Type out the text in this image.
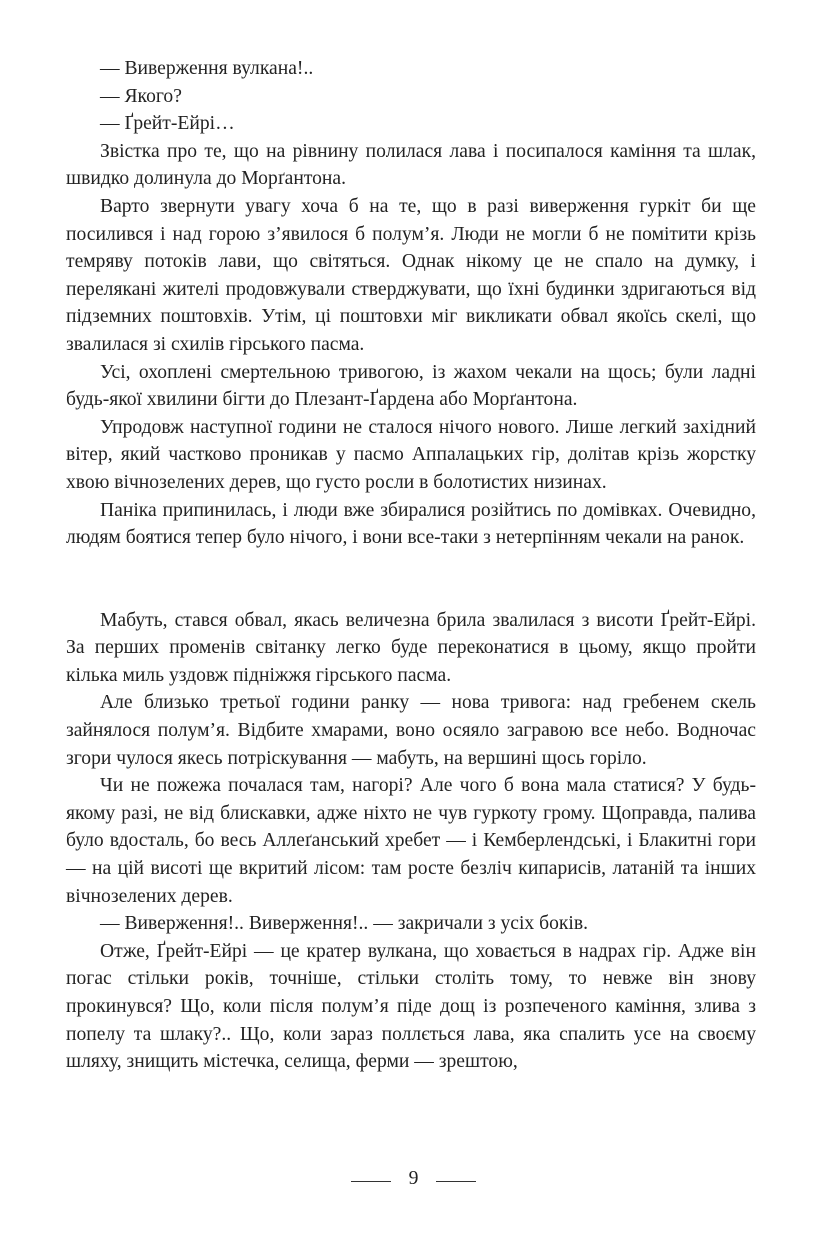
— Виверження вулкана!..

— Якого?

— Ґрейт-Ейрі…

Звістка про те, що на рівнину полилася лава і посипалося каміння та шлак, швидко долинула до Морґантона.

Варто звернути увагу хоча б на те, що в разі виверження гуркіт би ще посилився і над горою з’явилося б полум’я. Люди не могли б не помітити крізь темряву потоків лави, що світяться. Однак нікому це не спало на думку, і перелякані жителі продовжували стверджувати, що їхні будинки здригаються від підземних поштовхів. Утім, ці поштовхи міг викликати обвал якоїсь скелі, що звалилася зі схилів гірського пасма.

Усі, охоплені смертельною тривогою, із жахом чекали на щось; були ладні будь-якої хвилини бігти до Плезант-Ґардена або Морґантона.

Упродовж наступної години не сталося нічого нового. Лише легкий західний вітер, який частково проникав у пасмо Аппалацьких гір, долітав крізь жорстку хвою вічнозелених дерев, що густо росли в болотистих низинах.

Паніка припинилась, і люди вже збиралися розійтись по домівках. Очевидно, людям боятися тепер було нічого, і вони все-таки з нетерпінням чекали на ранок.

Мабуть, стався обвал, якась величезна брила звалилася з висоти Ґрейт-Ейрі. За перших променів світанку легко буде переконатися в цьому, якщо пройти кілька миль уздовж підніжжя гірського пасма.

Але близько третьої години ранку — нова тривога: над гребенем скель зайнялося полум’я. Відбите хмарами, воно осяяло загравою все небо. Водночас згори чулося якесь потріскування — мабуть, на вершині щось горіло.

Чи не пожежа почалася там, нагорі? Але чого б вона мала статися? У будь-якому разі, не від блискавки, адже ніхто не чув гуркоту грому. Щоправда, палива було вдосталь, бо весь Аллеґанський хребет — і Кемберлендські, і Блакитні гори — на цій висоті ще вкритий лісом: там росте безліч кипарисів, латаній та інших вічнозелених дерев.

— Виверження!.. Виверження!.. — закричали з усіх боків.

Отже, Ґрейт-Ейрі — це кратер вулкана, що ховається в надрах гір. Адже він погас стільки років, точніше, стільки століть тому, то невже він знову прокинувся? Що, коли після полум’я піде дощ із розпеченого каміння, злива з попелу та шлаку?.. Що, коли зараз поллється лава, яка спалить усе на своєму шляху, знищить містечка, селища, ферми — зрештою,

9
